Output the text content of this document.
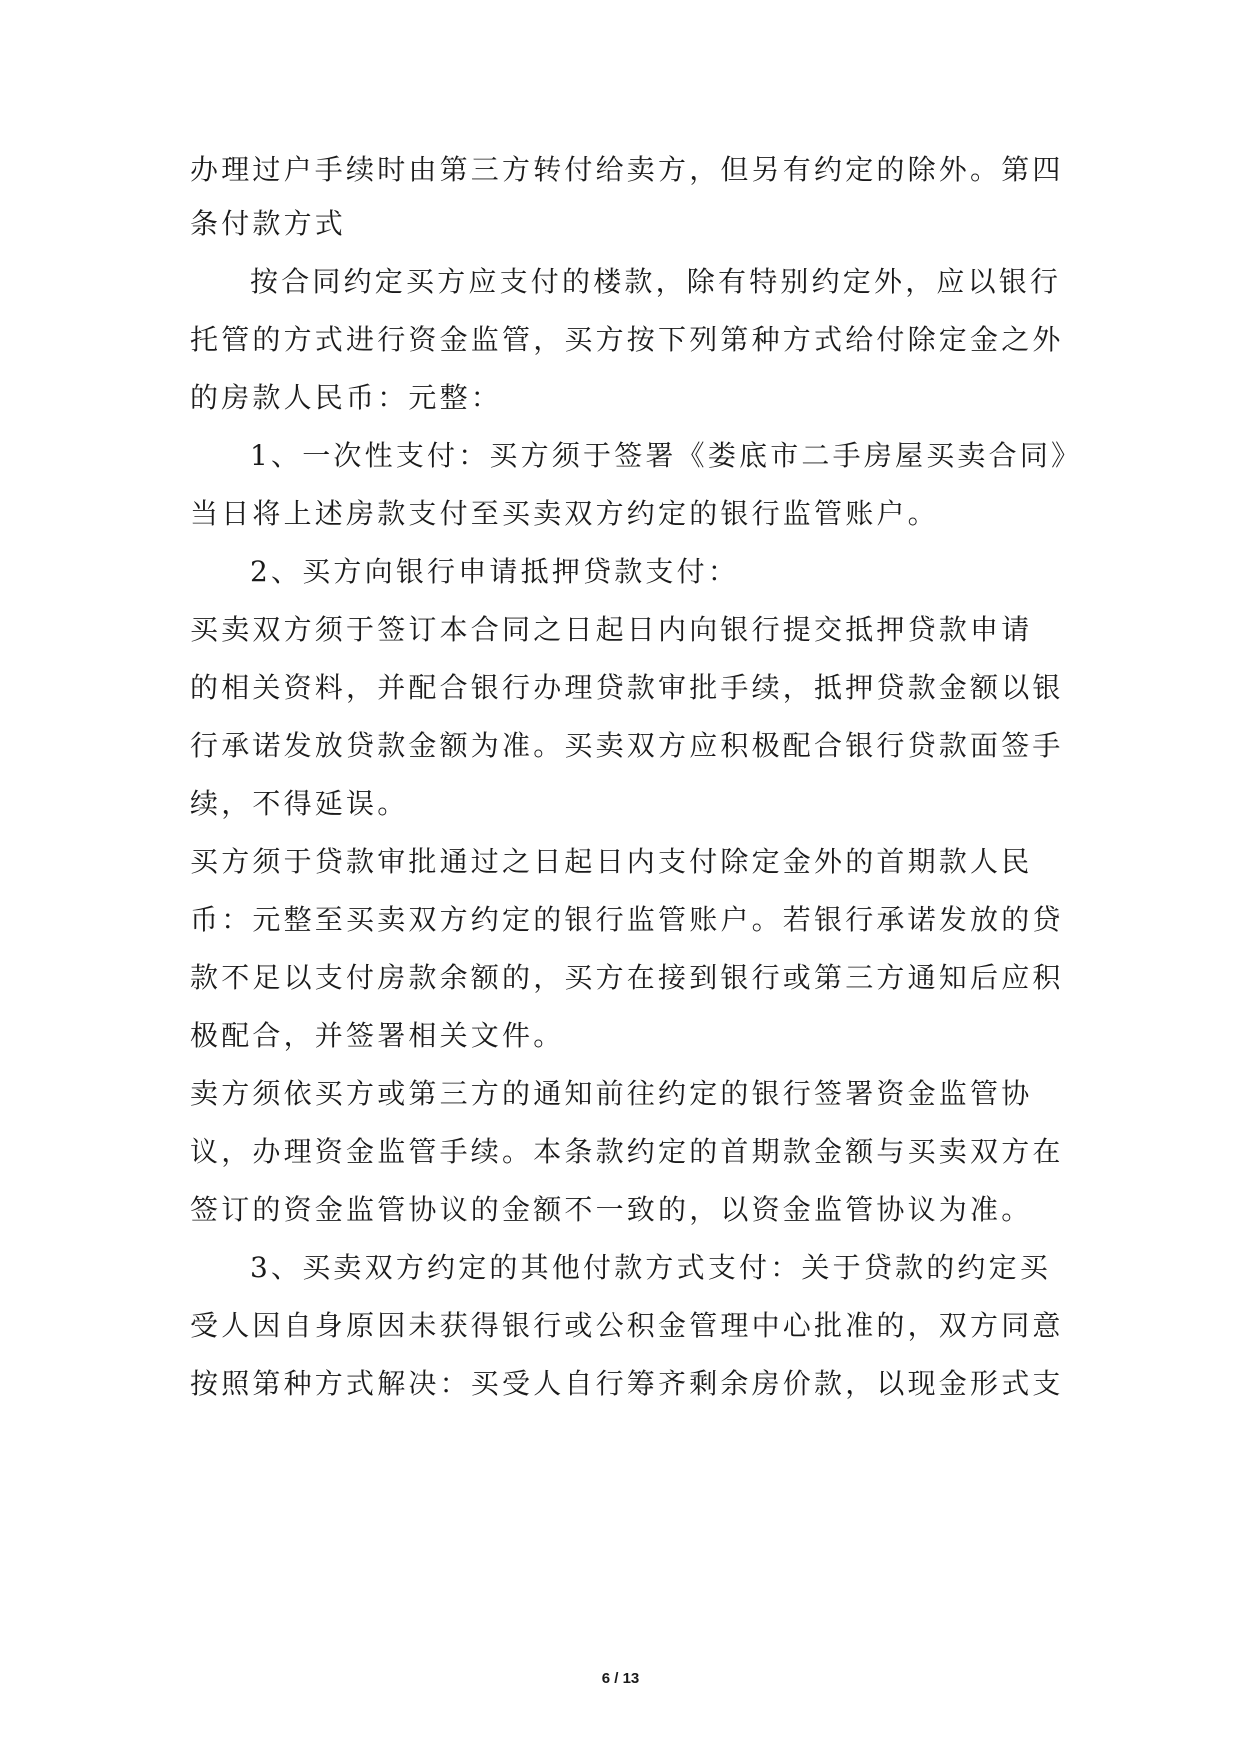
办理过户手续时由第三方转付给卖方，但另有约定的除外。第四
条付款方式
按合同约定买方应支付的楼款，除有特别约定外，应以银行
托管的方式进行资金监管，买方按下列第种方式给付除定金之外
的房款人民币：元整：
1、一次性支付：买方须于签署《娄底市二手房屋买卖合同》
当日将上述房款支付至买卖双方约定的银行监管账户。
2、买方向银行申请抵押贷款支付：
买卖双方须于签订本合同之日起日内向银行提交抵押贷款申请
的相关资料，并配合银行办理贷款审批手续，抵押贷款金额以银
行承诺发放贷款金额为准。买卖双方应积极配合银行贷款面签手
续，不得延误。
买方须于贷款审批通过之日起日内支付除定金外的首期款人民
币：元整至买卖双方约定的银行监管账户。若银行承诺发放的贷
款不足以支付房款余额的，买方在接到银行或第三方通知后应积
极配合，并签署相关文件。
卖方须依买方或第三方的通知前往约定的银行签署资金监管协
议，办理资金监管手续。本条款约定的首期款金额与买卖双方在
签订的资金监管协议的金额不一致的，以资金监管协议为准。
3、买卖双方约定的其他付款方式支付：关于贷款的约定买
受人因自身原因未获得银行或公积金管理中心批准的，双方同意
按照第种方式解决：买受人自行筹齐剩余房价款，以现金形式支
6 / 13
